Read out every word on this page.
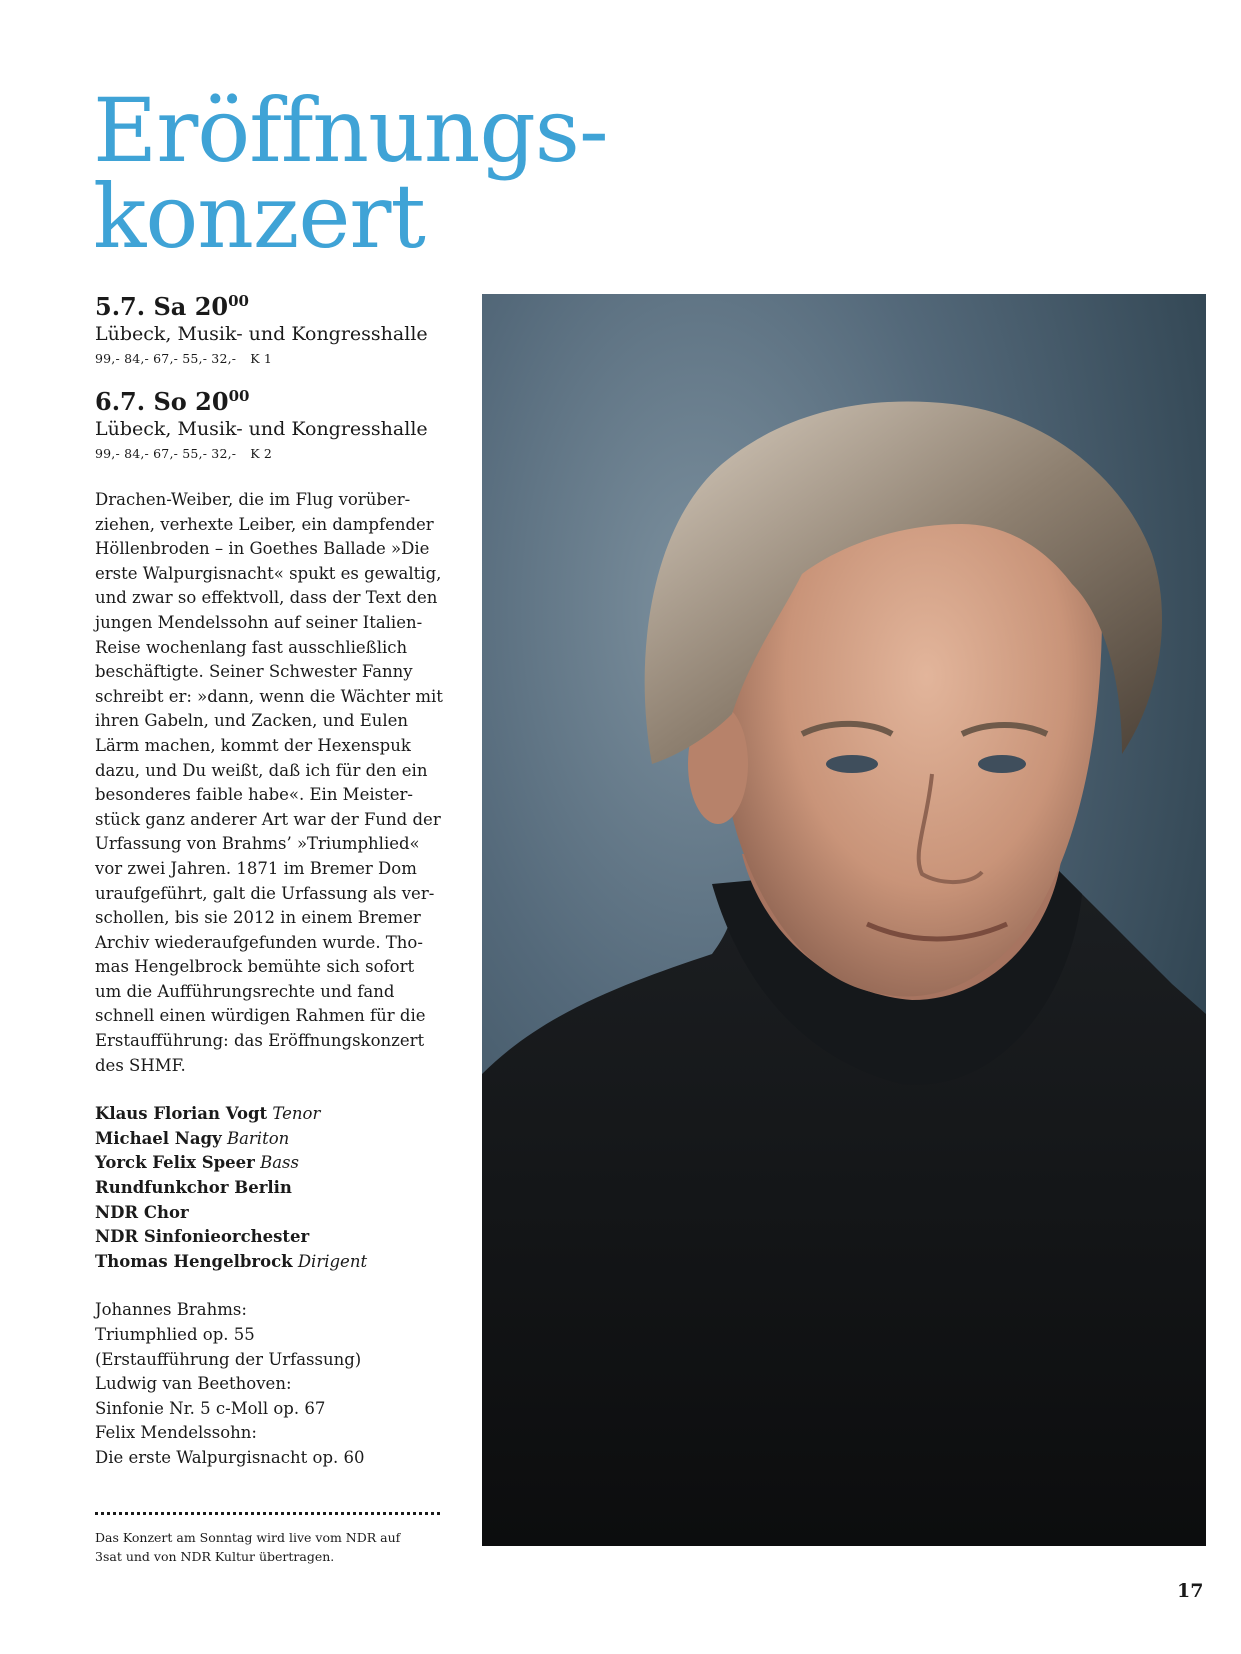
Eröffnungs-
konzert

5.7. Sa $20^{00}$

Lübeck, Musik- und Kongresshalle

99,- 84,- 67,- 55,- 32,- K 1

6.7. So $20^{00}$

Lübeck, Musik- und Kongresshalle

99,- 84,- 67,- 55,- 32,- K 2

Drachen-Weiber, die im Flug vorüber-
ziehen, verhexte Leiber, ein dampfender
Höllenbroden – in Goethes Ballade »Die
erste Walpurgisnacht« spukt es gewaltig,
und zwar so effektvoll, dass der Text den
jungen Mendelssohn auf seiner Italien-
Reise wochenlang fast ausschließlich
beschäftigte. Seiner Schwester Fanny
schreibt er: »dann, wenn die Wächter mit
ihren Gabeln, und Zacken, und Eulen
Lärm machen, kommt der Hexenspuk
dazu, und Du weißt, daß ich für den ein
besonderes faible habe«. Ein Meister-
stück ganz anderer Art war der Fund der
Urfassung von Brahms’ »Triumphlied«
vor zwei Jahren. 1871 im Bremer Dom
uraufgeführt, galt die Urfassung als ver-
schollen, bis sie 2012 in einem Bremer
Archiv wiederaufgefunden wurde. Tho-
mas Hengelbrock bemühte sich sofort
um die Aufführungsrechte und fand
schnell einen würdigen Rahmen für die
Erstaufführung: das Eröffnungskonzert
des SHMF.

Klaus Florian Vogt Tenor
Michael Nagy Bariton
Yorck Felix Speer Bass
Rundfunkchor Berlin
NDR Chor
NDR Sinfonieorchester
Thomas Hengelbrock Dirigent
Johannes Brahms:
Triumphlied op. 55
(Erstaufführung der Urfassung)
Ludwig van Beethoven:
Sinfonie Nr. 5 c-Moll op. 67
Felix Mendelssohn:
Die erste Walpurgisnacht op. 60
Das Konzert am Sonntag wird live vom NDR auf
3sat und von NDR Kultur übertragen.
17
